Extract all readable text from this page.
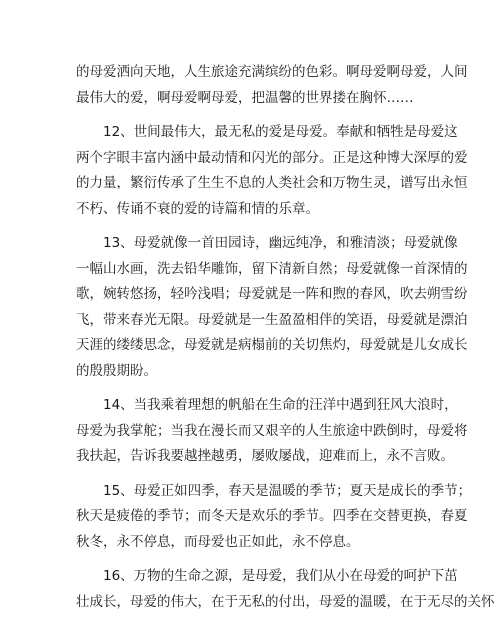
的母爱洒向天地，人生旅途充满缤纷的色彩。啊母爱啊母爱，人间
最伟大的爱，啊母爱啊母爱，把温馨的世界搂在胸怀……

12、世间最伟大，最无私的爱是母爱。奉献和牺牲是母爱这
两个字眼丰富内涵中最动情和闪光的部分。正是这种博大深厚的爱
的力量，繁衍传承了生生不息的人类社会和万物生灵，谱写出永恒
不朽、传诵不衰的爱的诗篇和情的乐章。

13、母爱就像一首田园诗，幽远纯净，和雅清淡；母爱就像
一幅山水画，洗去铅华雕饰，留下清新自然；母爱就像一首深情的
歌，婉转悠扬，轻吟浅唱；母爱就是一阵和煦的春风，吹去朔雪纷
飞，带来春光无限。母爱就是一生盈盈相伴的笑语，母爱就是漂泊
天涯的缕缕思念，母爱就是病榻前的关切焦灼，母爱就是儿女成长
的殷殷期盼。

14、当我乘着理想的帆船在生命的汪洋中遇到狂风大浪时，
母爱为我掌舵；当我在漫长而又艰辛的人生旅途中跌倒时，母爱将
我扶起，告诉我要越挫越勇，屡败屡战，迎难而上，永不言败。

15、母爱正如四季，春天是温暖的季节；夏天是成长的季节；
秋天是疲倦的季节；而冬天是欢乐的季节。四季在交替更换，春夏
秋冬，永不停息，而母爱也正如此，永不停息。

16、万物的生命之源，是母爱，我们从小在母爱的呵护下茁
壮成长，母爱的伟大，在于无私的付出，母爱的温暖，在于无尽的关怀
